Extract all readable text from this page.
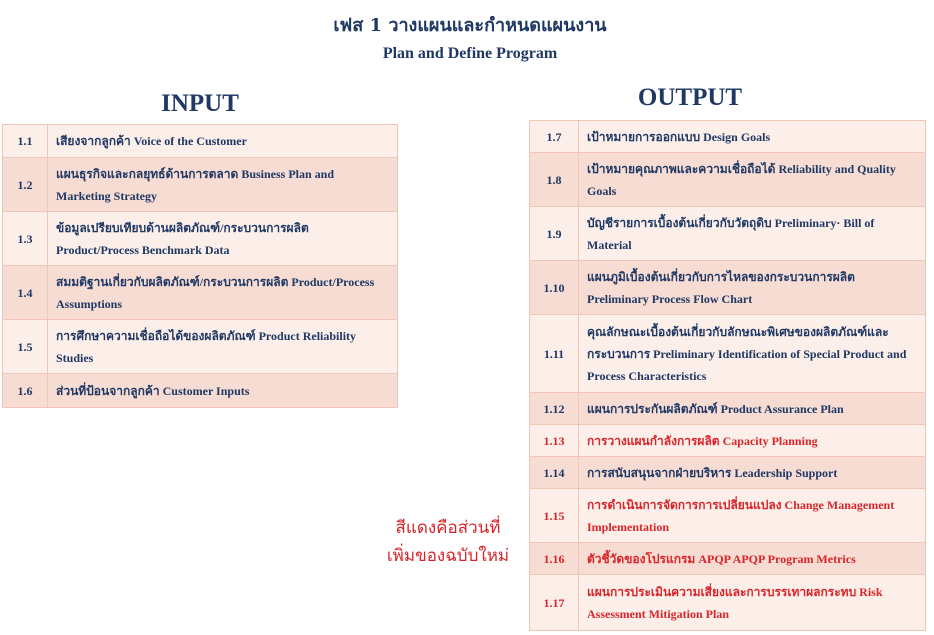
เฟส 1 วางแผนและกำหนดแผนงาน
Plan and Define Program
INPUT	OUTPUT
1.1	เสียงจากลูกค้า Voice of the Customer
1.2	แผนธุรกิจและกลยุทธ์ด้านการตลาด Business Plan and Marketing Strategy
1.3	ข้อมูลเปรียบเทียบด้านผลิตภัณฑ์/กระบวนการผลิต Product/Process Benchmark Data
1.4	สมมติฐานเกี่ยวกับผลิตภัณฑ์/กระบวนการผลิต Product/Process Assumptions
1.5	การศึกษาความเชื่อถือได้ของผลิตภัณฑ์ Product Reliability Studies
1.6	ส่วนที่ป้อนจากลูกค้า Customer Inputs
1.7	เป้าหมายการออกแบบ Design Goals
1.8	เป้าหมายคุณภาพและความเชื่อถือได้ Reliability and Quality Goals
1.9	บัญชีรายการเบื้องต้นเกี่ยวกับวัตถุดิบ Preliminary· Bill of Material
1.10	แผนภูมิเบื้องต้นเกี่ยวกับการไหลของกระบวนการผลิต Preliminary Process Flow Chart
1.11	คุณลักษณะเบื้องต้นเกี่ยวกับลักษณะพิเศษของผลิตภัณฑ์และกระบวนการ Preliminary Identification of Special Product and Process Characteristics
1.12	แผนการประกันผลิตภัณฑ์ Product Assurance Plan
1.13	การวางแผนกำลังการผลิต Capacity Planning
1.14	การสนับสนุนจากฝ่ายบริหาร Leadership Support
1.15	การดำเนินการจัดการการเปลี่ยนแปลง Change Management Implementation
1.16	ตัวชี้วัดของโปรแกรม APQP APQP Program Metrics
1.17	แผนการประเมินความเสี่ยงและการบรรเทาผลกระทบ Risk Assessment Mitigation Plan
สีแดงคือส่วนที่
เพิ่มของฉบับใหม่
